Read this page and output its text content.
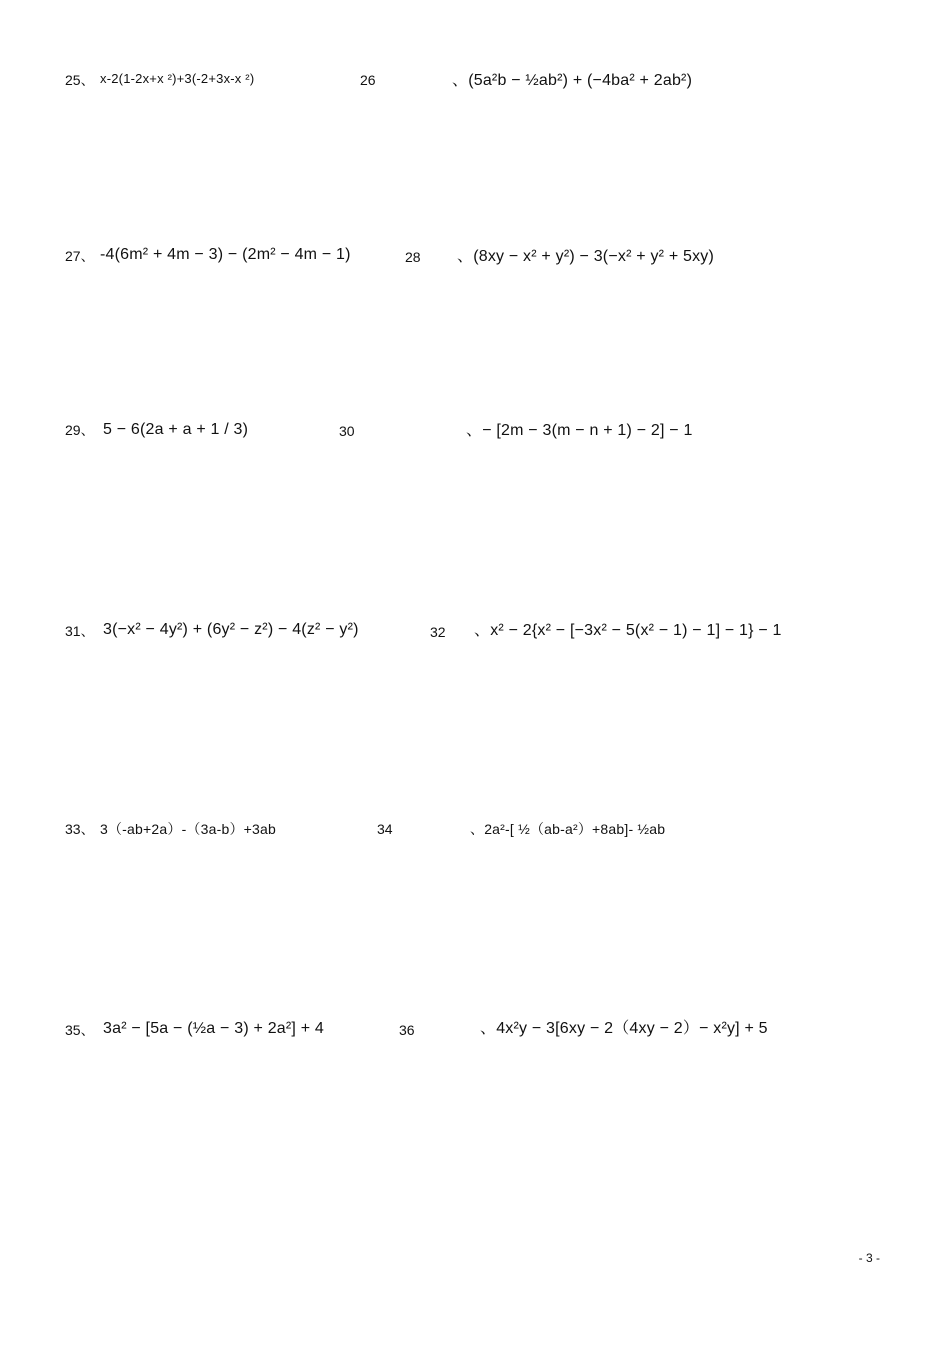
25、 x-2(1-2x+x ²)+3(-2+3x-x ²)	26	、(5a²b − ½ab²) + (−4ba² + 2ab²)
27、 -4(6m² + 4m − 3) − (2m² − 4m − 1)	28 、(8xy − x² + y²) − 3(−x² + y² + 5xy)
29、 5 − 6(2a + a + 1 / 3)	30	、− [2m − 3(m − n + 1) − 2] − 1
31、 3(−x² − 4y²) + (6y² − z²) − 4(z² − y²)	32 、x² − 2{x² − [−3x² − 5(x² − 1) − 1] − 1} − 1
33、 3（-ab+2a）-（3a-b）+3ab	34	、2a²-[ ½（ab-a²）+8ab]- ½ab
35、 3a² − [5a − (½a − 3) + 2a²] + 4	36	、4x²y − 3[6xy − 2（4xy − 2）− x²y] + 5
- 3 -
